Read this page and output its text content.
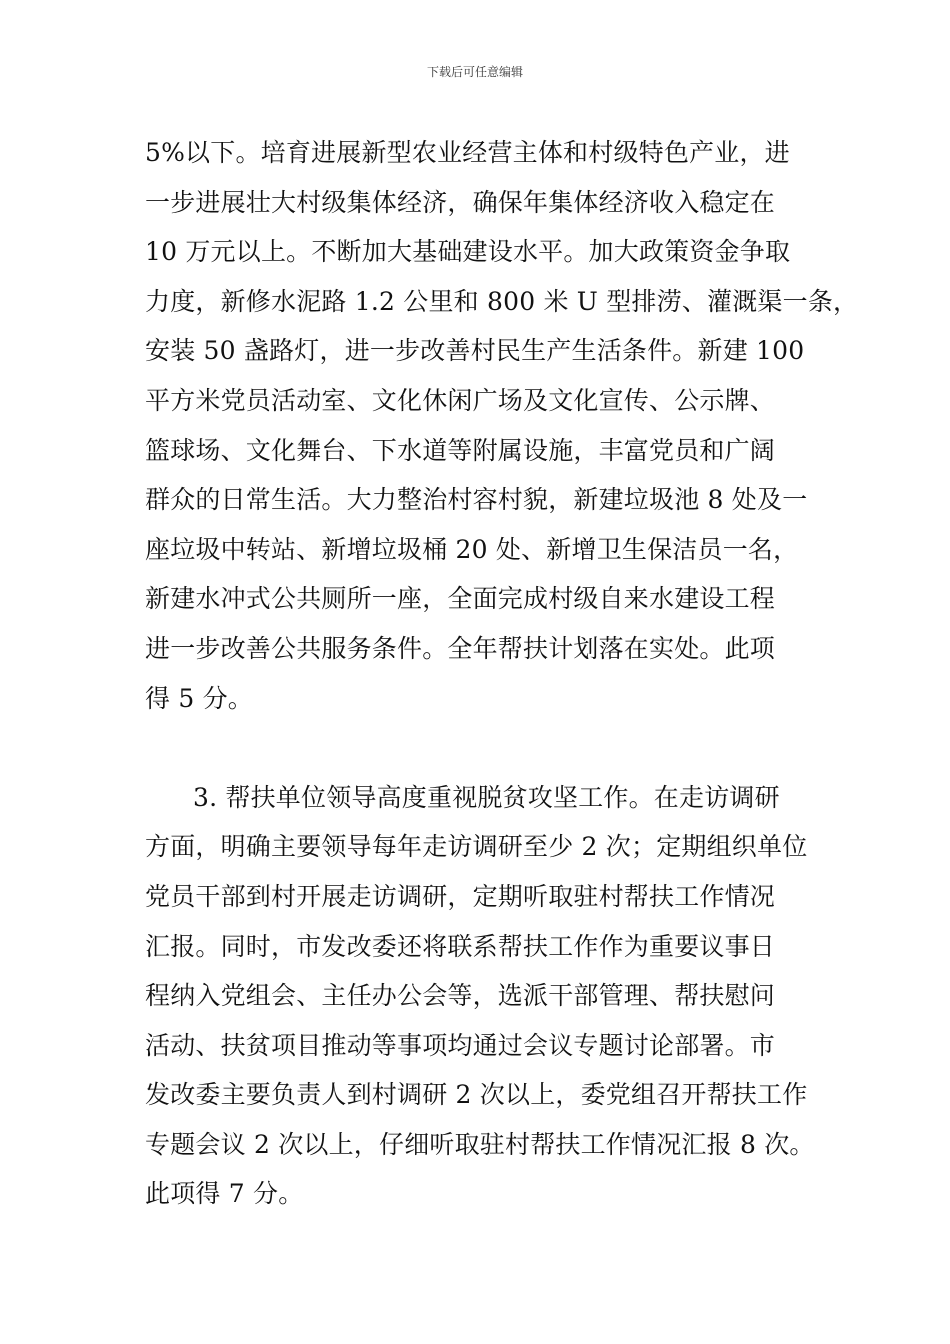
下载后可任意编辑
5%以下。培育进展新型农业经营主体和村级特色产业，进
一步进展壮大村级集体经济，确保年集体经济收入稳定在
10 万元以上。不断加大基础建设水平。加大政策资金争取
力度，新修水泥路 1.2 公里和 800 米 U 型排涝、灌溉渠一条，
安装 50 盏路灯，进一步改善村民生产生活条件。新建 100
平方米党员活动室、文化休闲广场及文化宣传、公示牌、
篮球场、文化舞台、下水道等附属设施，丰富党员和广阔
群众的日常生活。大力整治村容村貌，新建垃圾池 8 处及一
座垃圾中转站、新增垃圾桶 20 处、新增卫生保洁员一名，
新建水冲式公共厕所一座，全面完成村级自来水建设工程
进一步改善公共服务条件。全年帮扶计划落在实处。此项
得 5 分。
3. 帮扶单位领导高度重视脱贫攻坚工作。在走访调研
方面，明确主要领导每年走访调研至少 2 次；定期组织单位
党员干部到村开展走访调研，定期听取驻村帮扶工作情况
汇报。同时，市发改委还将联系帮扶工作作为重要议事日
程纳入党组会、主任办公会等，选派干部管理、帮扶慰问
活动、扶贫项目推动等事项均通过会议专题讨论部署。市
发改委主要负责人到村调研 2 次以上，委党组召开帮扶工作
专题会议 2 次以上，仔细听取驻村帮扶工作情况汇报 8 次。
此项得 7 分。
